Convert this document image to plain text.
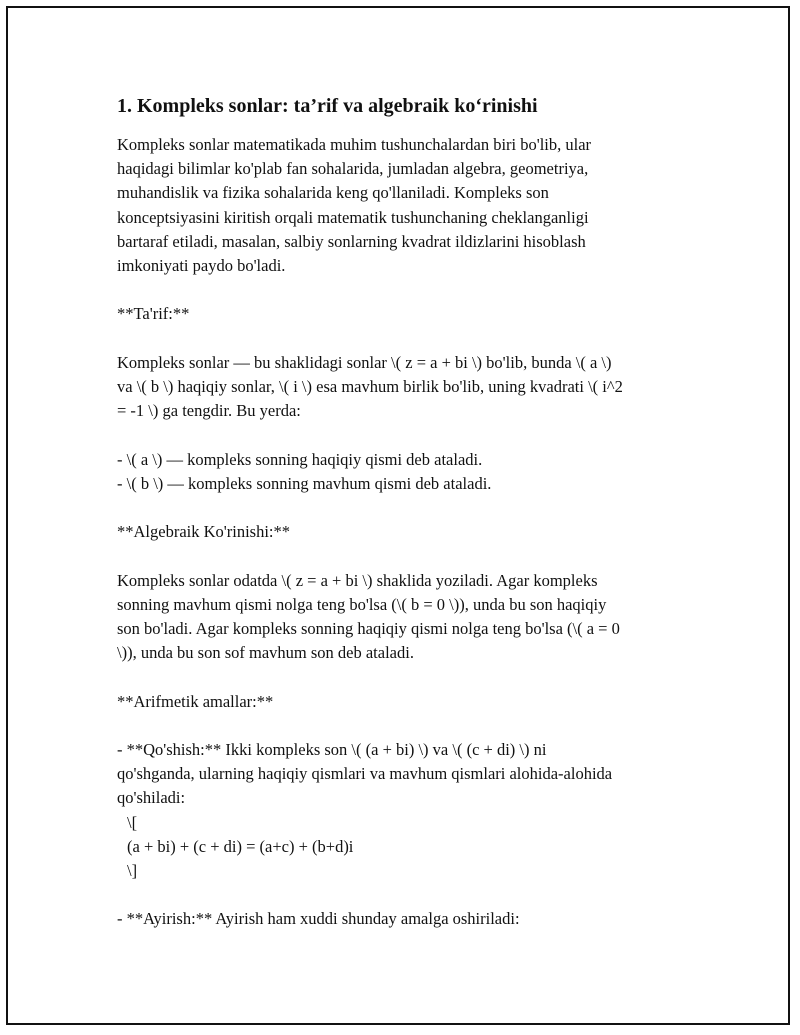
1. Kompleks sonlar: ta’rif va algebraik ko‘rinishi

Kompleks sonlar matematikada muhim tushunchalardan biri bo'lib, ular

haqidagi bilimlar ko'plab fan sohalarida, jumladan algebra, geometriya,

muhandislik va fizika sohalarida keng qo'llaniladi. Kompleks son

konceptsiyasini kiritish orqali matematik tushunchaning cheklanganligi

bartaraf etiladi, masalan, salbiy sonlarning kvadrat ildizlarini hisoblash

imkoniyati paydo bo'ladi.

**Ta'rif:**

Kompleks sonlar — bu shaklidagi sonlar \( z = a + bi \) bo'lib, bunda \( a \)

va \( b \) haqiqiy sonlar, \( i \) esa mavhum birlik bo'lib, uning kvadrati \( i^2

= -1 \) ga tengdir. Bu yerda:

- \( a \) — kompleks sonning haqiqiy qismi deb ataladi.

- \( b \) — kompleks sonning mavhum qismi deb ataladi.

**Algebraik Ko'rinishi:**

Kompleks sonlar odatda \( z = a + bi \) shaklida yoziladi. Agar kompleks

sonning mavhum qismi nolga teng bo'lsa (\( b = 0 \)), unda bu son haqiqiy

son bo'ladi. Agar kompleks sonning haqiqiy qismi nolga teng bo'lsa (\( a = 0

\)), unda bu son sof mavhum son deb ataladi.

**Arifmetik amallar:**

- **Qo'shish:** Ikki kompleks son \( (a + bi) \) va \( (c + di) \) ni

qo'shganda, ularning haqiqiy qismlari va mavhum qismlari alohida-alohida

qo'shiladi:

\[

(a + bi) + (c + di) = (a+c) + (b+d)i

\]

- **Ayirish:** Ayirish ham xuddi shunday amalga oshiriladi:
